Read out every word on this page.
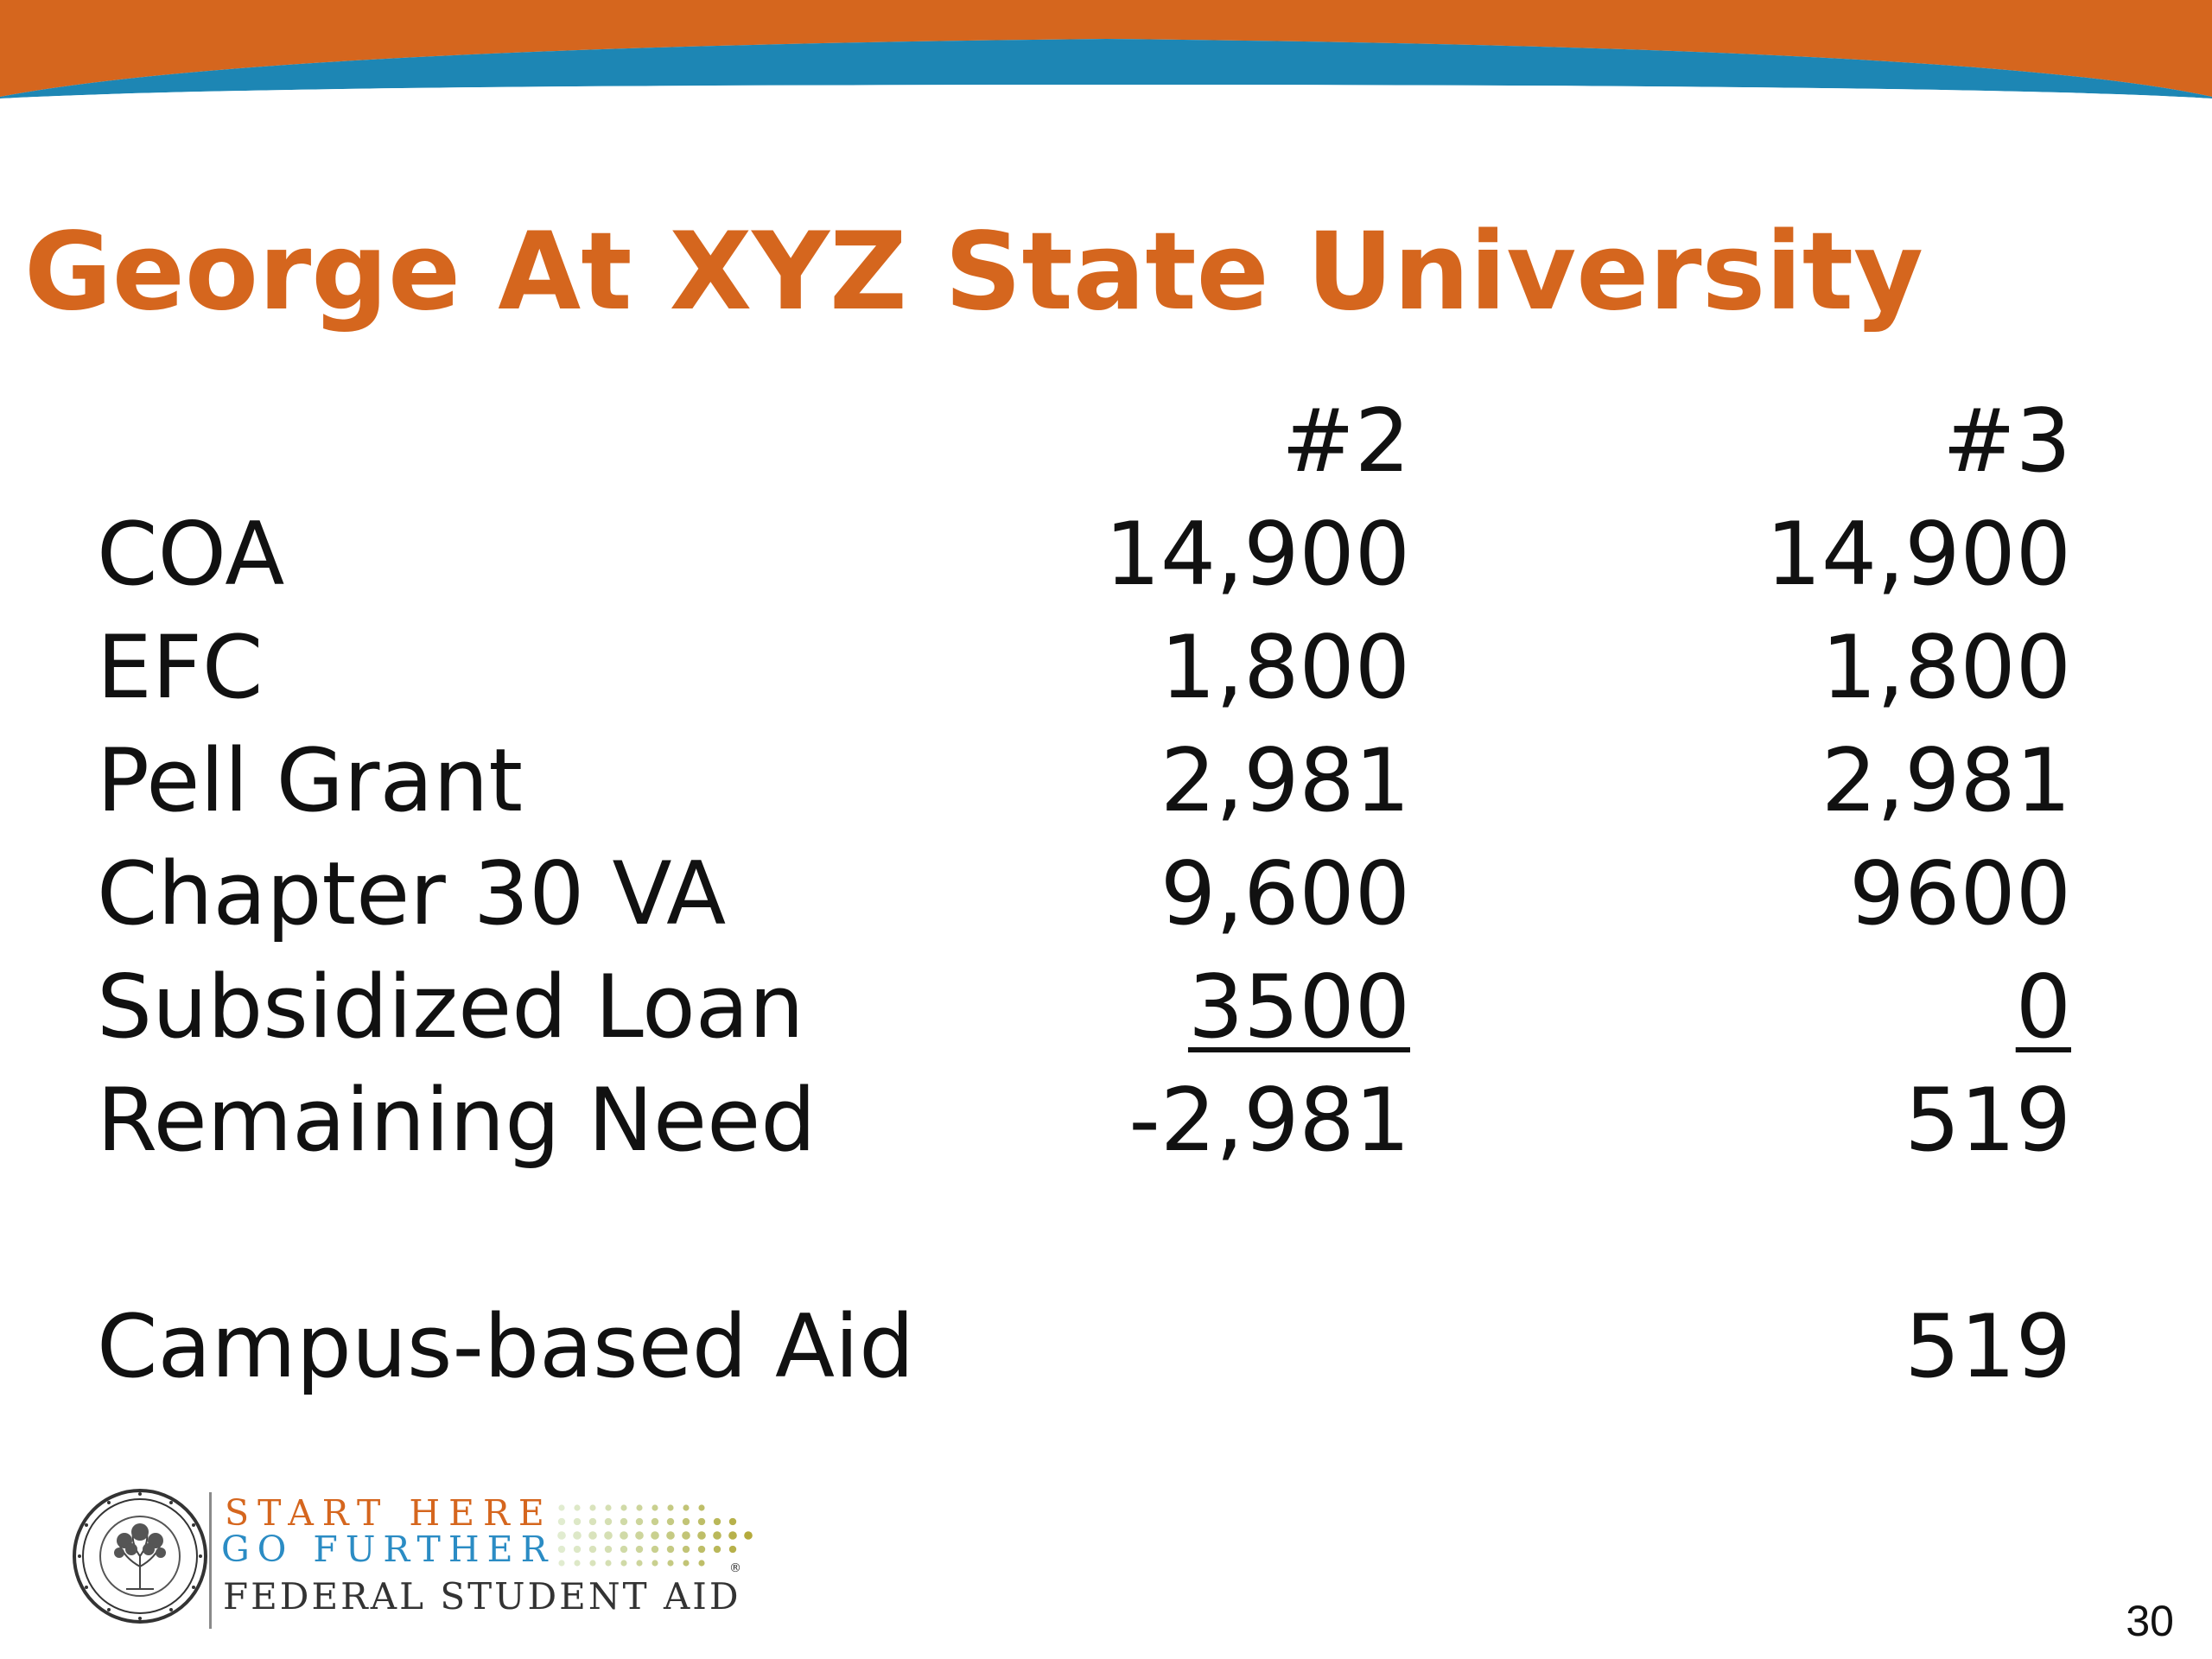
George At XYZ State University
	#2	#3
COA	14,900	14,900
EFC	1,800	1,800
Pell Grant	2,981	2,981
Chapter 30 VA	9,600	9600
Subsidized Loan	3500	0
Remaining Need	-2,981	519

Campus-based Aid		519
START HERE
GO FURTHER
FEDERAL STUDENT AID
®
30
